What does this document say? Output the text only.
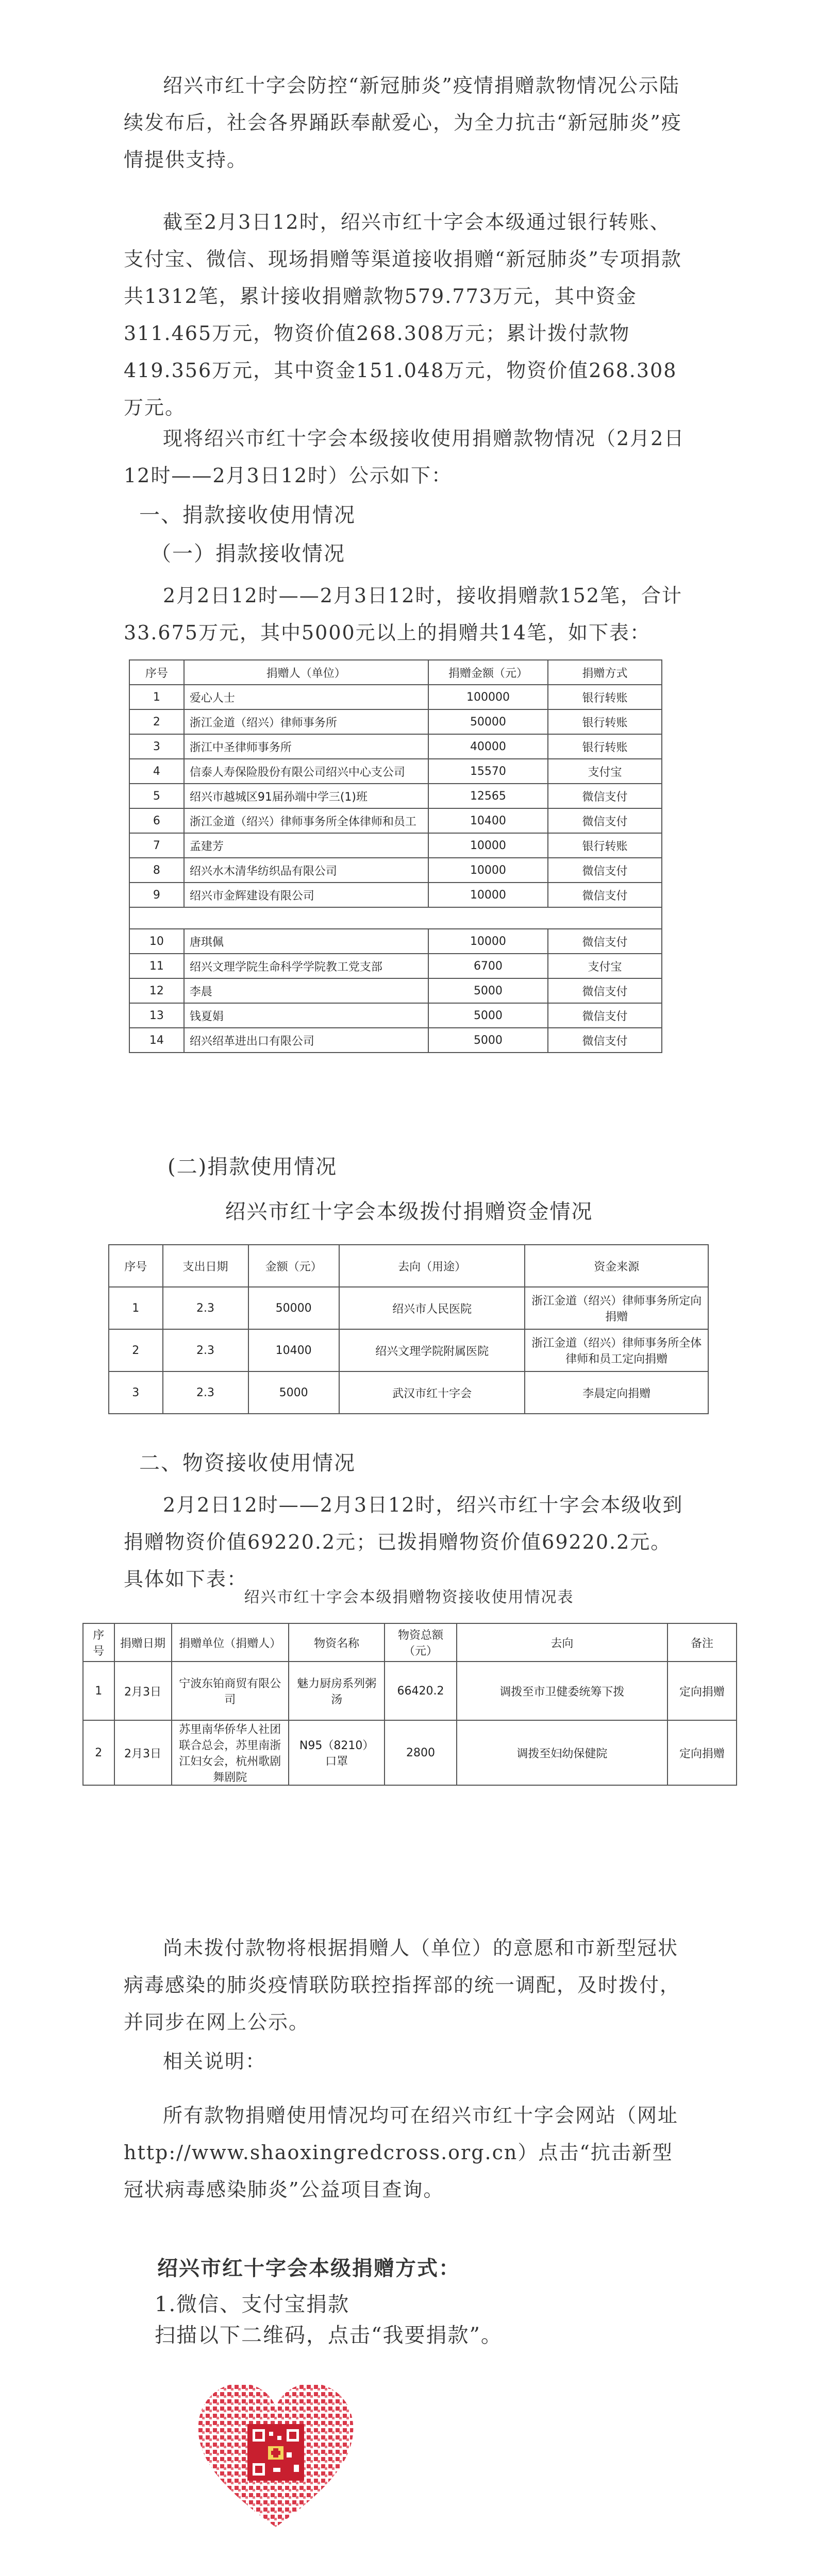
绍兴市红十字会防控“新冠肺炎”疫情捐赠款物情况公示陆续发布后，社会各界踊跃奉献爱心，为全力抗击“新冠肺炎”疫情提供支持。

截至2月3日12时，绍兴市红十字会本级通过银行转账、支付宝、微信、现场捐赠等渠道接收捐赠“新冠肺炎”专项捐款共1312笔，累计接收捐赠款物579.773万元，其中资金311.465万元，物资价值268.308万元；累计拨付款物419.356万元，其中资金151.048万元，物资价值268.308万元。

现将绍兴市红十字会本级接收使用捐赠款物情况（2月2日12时——2月3日12时）公示如下：

一、捐款接收使用情况

（一）捐款接收情况

2月2日12时——2月3日12时，接收捐赠款152笔，合计33.675万元，其中5000元以上的捐赠共14笔，如下表：

序号	捐赠人（单位）	捐赠金额（元）	捐赠方式
1	爱心人士	100000	银行转账
2	浙江金道（绍兴）律师事务所	50000	银行转账
3	浙江中圣律师事务所	40000	银行转账
4	信泰人寿保险股份有限公司绍兴中心支公司	15570	支付宝
5	绍兴市越城区91届孙端中学三(1)班	12565	微信支付
6	浙江金道（绍兴）律师事务所全体律师和员工	10400	微信支付
7	孟建芳	10000	银行转账
8	绍兴水木清华纺织品有限公司	10000	微信支付
9	绍兴市金辉建设有限公司	10000	微信支付

10	唐琪佩	10000	微信支付
11	绍兴文理学院生命科学学院教工党支部	6700	支付宝
12	李晨	5000	微信支付
13	钱夏娟	5000	微信支付
14	绍兴绍革进出口有限公司	5000	微信支付

(二)捐款使用情况

绍兴市红十字会本级拨付捐赠资金情况

序号	支出日期	金额（元）	去向（用途）	资金来源
1	2.3	50000	绍兴市人民医院	浙江金道（绍兴）律师事务所定向捐赠
2	2.3	10400	绍兴文理学院附属医院	浙江金道（绍兴）律师事务所全体律师和员工定向捐赠
3	2.3	5000	武汉市红十字会	李晨定向捐赠

二、物资接收使用情况

2月2日12时——2月3日12时，绍兴市红十字会本级收到捐赠物资价值69220.2元；已拨捐赠物资价值69220.2元。具体如下表：

绍兴市红十字会本级捐赠物资接收使用情况表

序号	捐赠日期	捐赠单位（捐赠人）	物资名称	物资总额（元）	去向	备注
1	2月3日	宁波东铂商贸有限公司	魅力厨房系列粥汤	66420.2	调拨至市卫健委统筹下拨	定向捐赠
2	2月3日	苏里南华侨华人社团联合总会，苏里南浙江妇女会，杭州歌剧舞剧院	N95（8210）口罩	2800	调拨至妇幼保健院	定向捐赠

尚未拨付款物将根据捐赠人（单位）的意愿和市新型冠状病毒感染的肺炎疫情联防联控指挥部的统一调配，及时拨付，并同步在网上公示。

相关说明：

所有款物捐赠使用情况均可在绍兴市红十字会网站（网址http://www.shaoxingredcross.org.cn）点击“抗击新型冠状病毒感染肺炎”公益项目查询。

绍兴市红十字会本级捐赠方式：

1.微信、支付宝捐款

扫描以下二维码，点击“我要捐款”。
